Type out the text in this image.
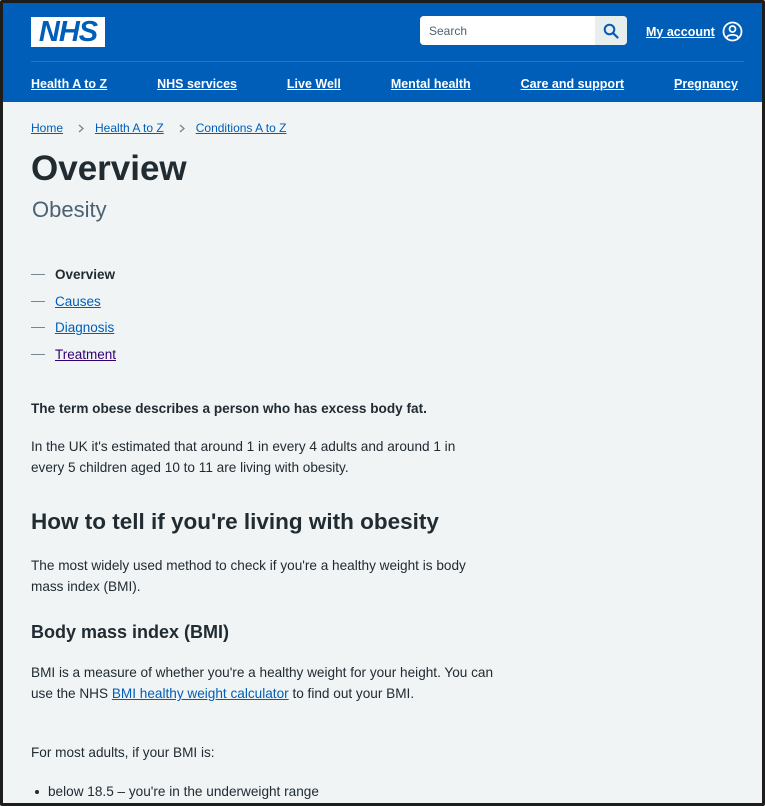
NHS
Search	My account
Health A to Z	NHS services	Live Well	Mental health	Care and support	Pregnancy
Home	Health A to Z	Conditions A to Z
Overview
Obesity
Overview
Causes
Diagnosis
Treatment

The term obese describes a person who has excess body fat.

In the UK it's estimated that around 1 in every 4 adults and around 1 in every 5 children aged 10 to 11 are living with obesity.

How to tell if you're living with obesity

The most widely used method to check if you're a healthy weight is body mass index (BMI).

Body mass index (BMI)

BMI is a measure of whether you're a healthy weight for your height. You can use the NHS BMI healthy weight calculator to find out your BMI.

For most adults, if your BMI is:

below 18.5 – you're in the underweight range
